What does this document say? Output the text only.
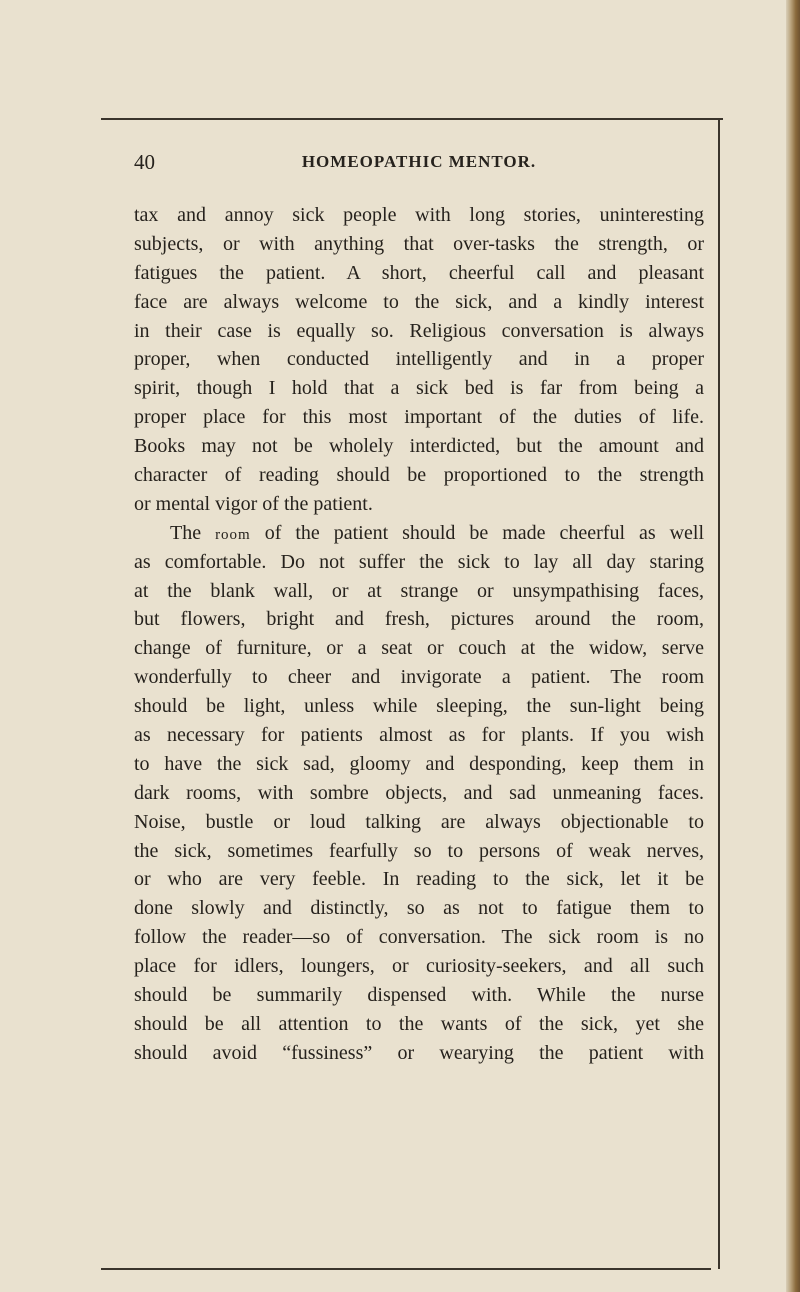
40	HOMEOPATHIC MENTOR.
tax and annoy sick people with long stories, uninteresting
subjects, or with anything that over-tasks the strength, or
fatigues the patient. A short, cheerful call and pleasant
face are always welcome to the sick, and a kindly interest
in their case is equally so. Religious conversation is always
proper, when conducted intelligently and in a proper
spirit, though I hold that a sick bed is far from being a
proper place for this most important of the duties of life.
Books may not be wholely interdicted, but the amount and
character of reading should be proportioned to the strength
or mental vigor of the patient.
The room of the patient should be made cheerful as well
as comfortable. Do not suffer the sick to lay all day staring
at the blank wall, or at strange or unsympathising faces,
but flowers, bright and fresh, pictures around the room,
change of furniture, or a seat or couch at the widow, serve
wonderfully to cheer and invigorate a patient. The room
should be light, unless while sleeping, the sun-light being
as necessary for patients almost as for plants. If you wish
to have the sick sad, gloomy and desponding, keep them in
dark rooms, with sombre objects, and sad unmeaning faces.
Noise, bustle or loud talking are always objectionable to
the sick, sometimes fearfully so to persons of weak nerves,
or who are very feeble. In reading to the sick, let it be
done slowly and distinctly, so as not to fatigue them to
follow the reader—so of conversation. The sick room is no
place for idlers, loungers, or curiosity-seekers, and all such
should be summarily dispensed with. While the nurse
should be all attention to the wants of the sick, yet she
should avoid “fussiness” or wearying the patient with
